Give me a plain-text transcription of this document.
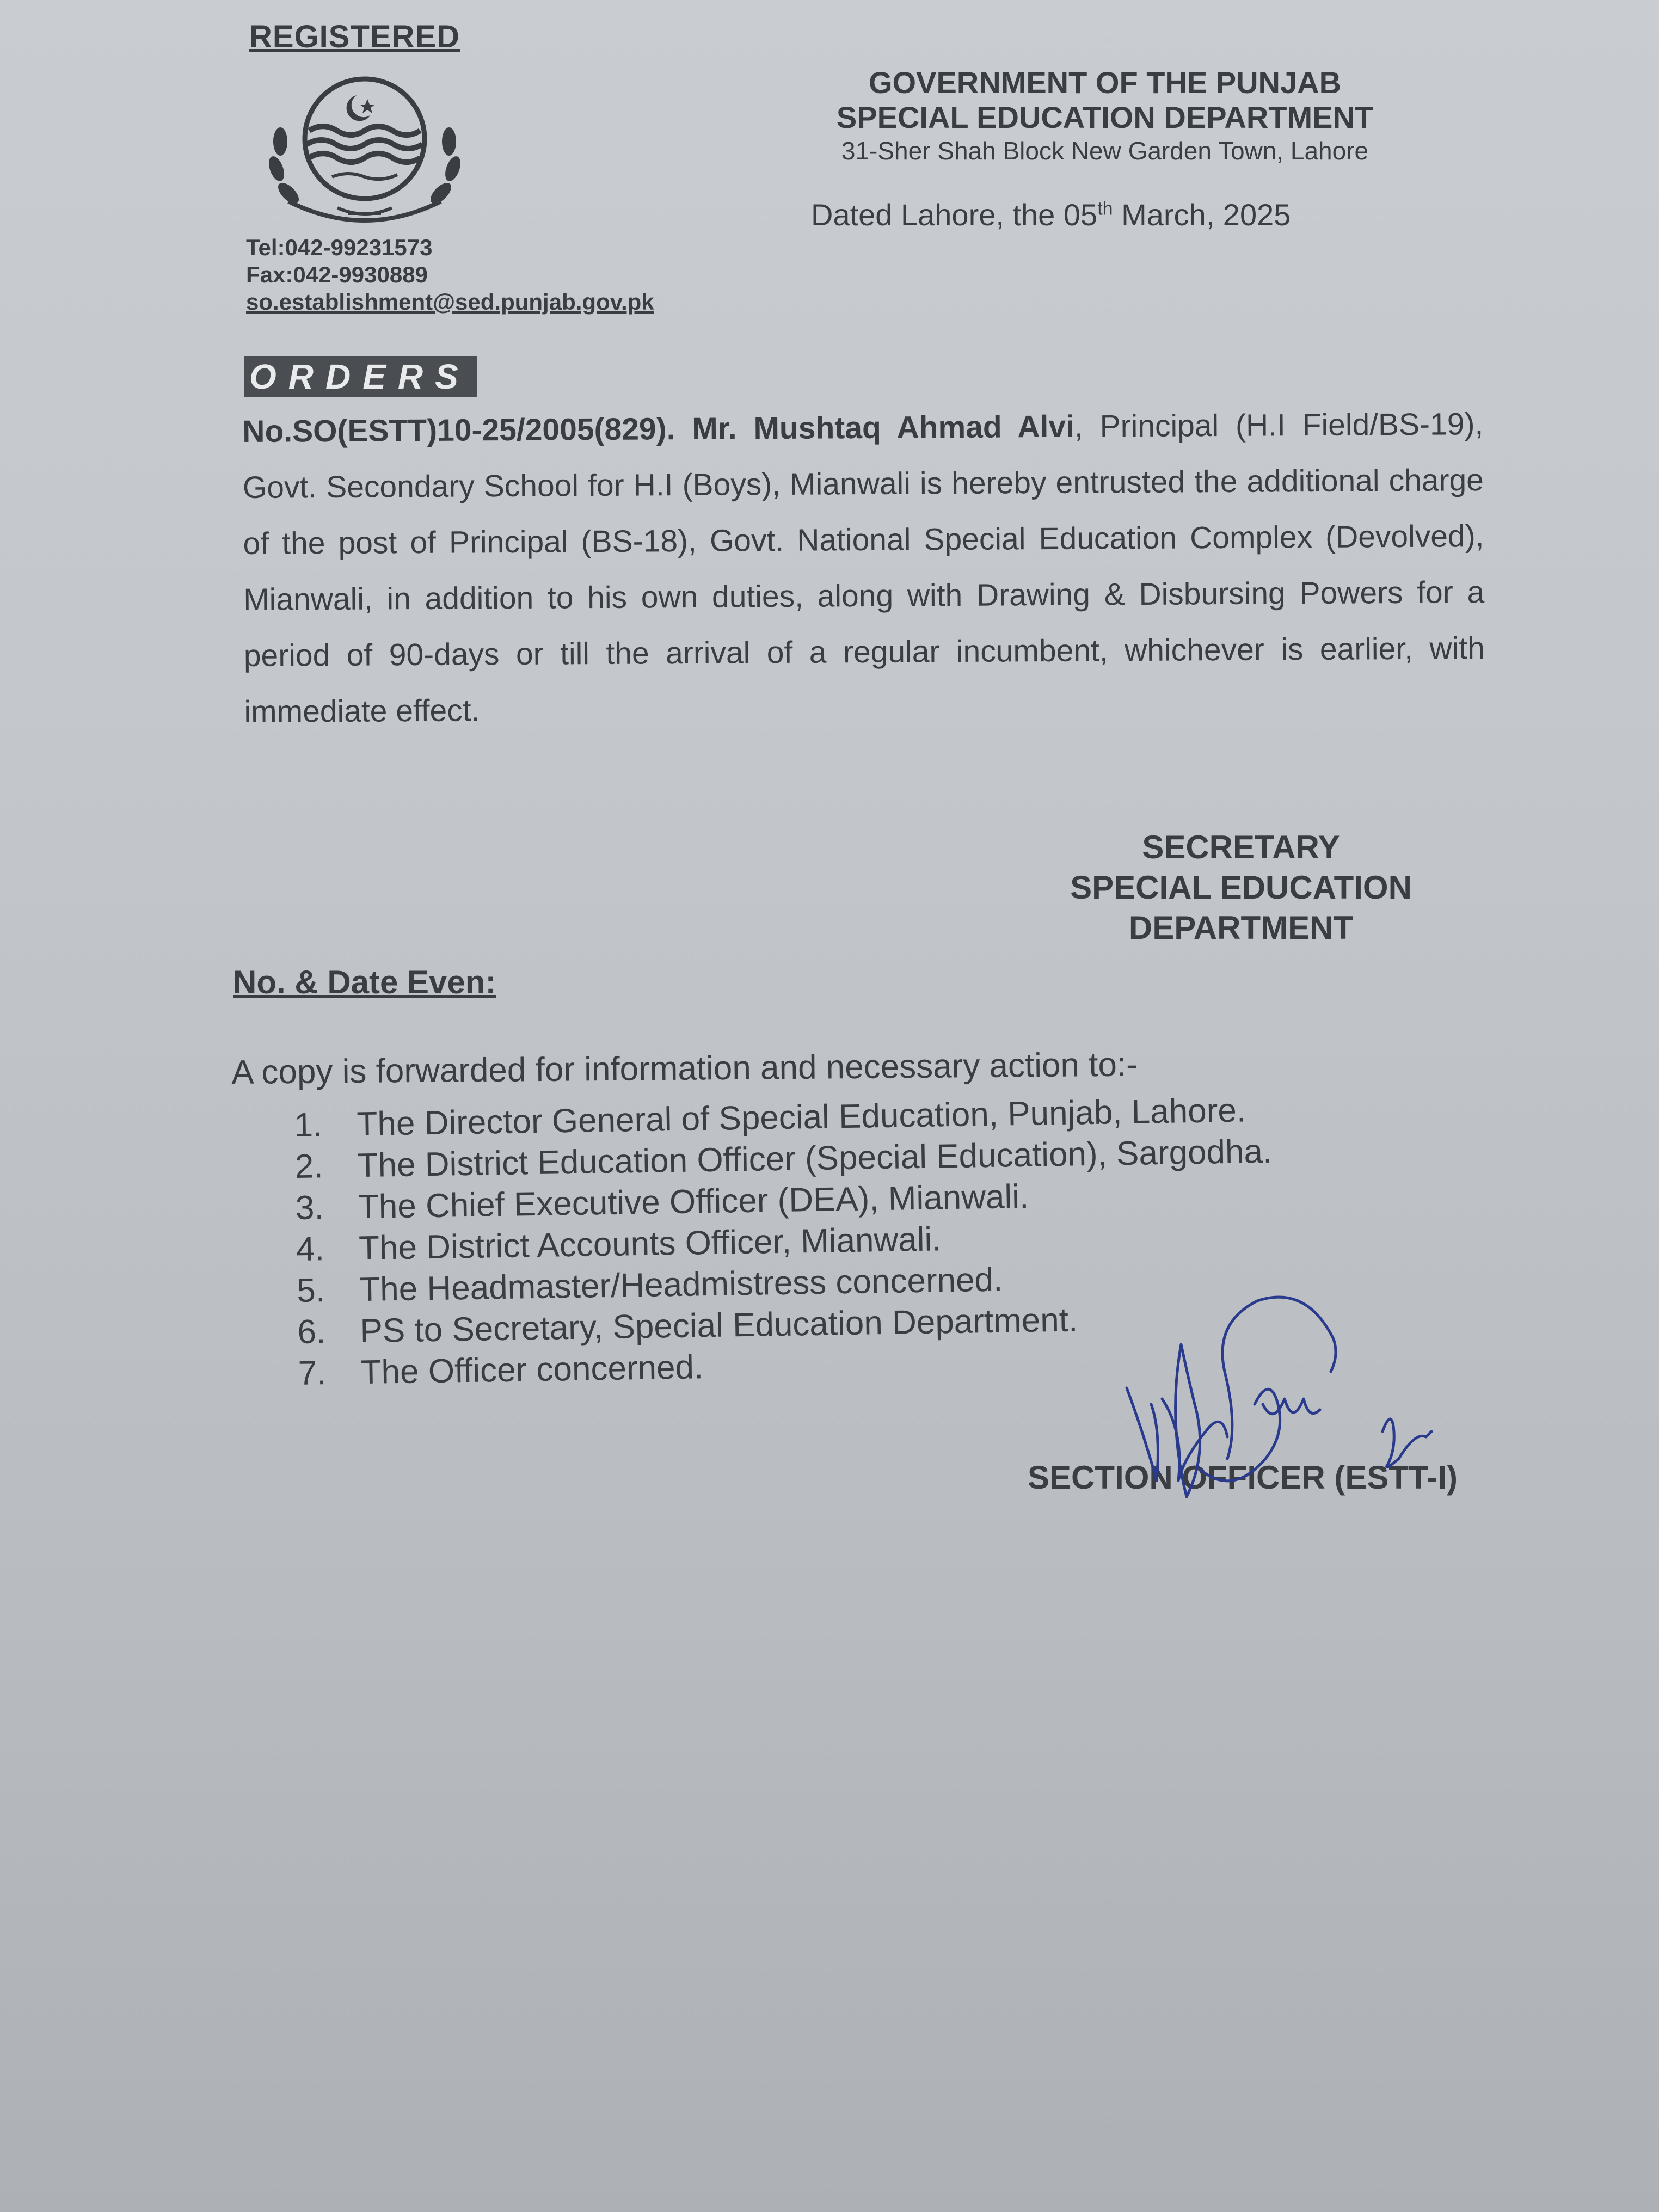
REGISTERED
Tel:042-99231573
Fax:042-9930889
so.establishment@sed.punjab.gov.pk
GOVERNMENT OF THE PUNJAB
SPECIAL EDUCATION DEPARTMENT
31-Sher Shah Block New Garden Town, Lahore
Dated Lahore, the 05th March, 2025
ORDERS
No.SO(ESTT)10-25/2005(829). Mr. Mushtaq Ahmad Alvi, Principal (H.I Field/BS-19), Govt. Secondary School for H.I (Boys), Mianwali is hereby entrusted the additional charge of the post of Principal (BS-18), Govt. National Special Education Complex (Devolved), Mianwali, in addition to his own duties, along with Drawing & Disbursing Powers for a period of 90-days or till the arrival of a regular incumbent, whichever is earlier, with immediate effect.
SECRETARY
SPECIAL EDUCATION
DEPARTMENT
No. & Date Even:
A copy is forwarded for information and necessary action to:-
1.	The Director General of Special Education, Punjab, Lahore.
2.	The District Education Officer (Special Education), Sargodha.
3.	The Chief Executive Officer (DEA), Mianwali.
4.	The District Accounts Officer, Mianwali.
5.	The Headmaster/Headmistress concerned.
6.	PS to Secretary, Special Education Department.
7.	The Officer concerned.
SECTION OFFICER (ESTT-I)
